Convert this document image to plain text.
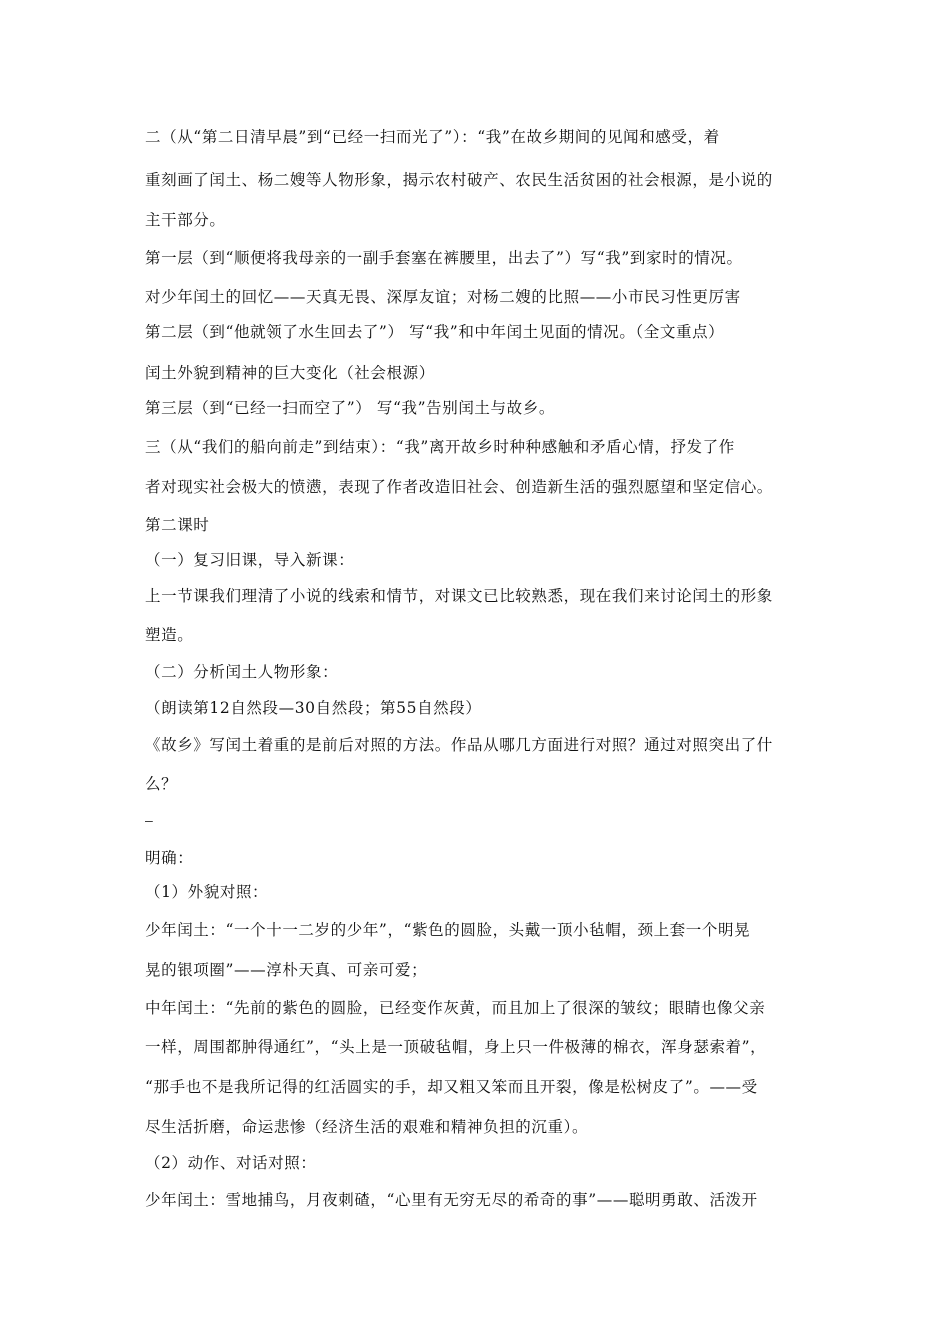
二（从“第二日清早晨”到“已经一扫而光了”）：“我”在故乡期间的见闻和感受，着
重刻画了闰土、杨二嫂等人物形象，揭示农村破产、农民生活贫困的社会根源，是小说的
主干部分。
第一层（到“顺便将我母亲的一副手套塞在裤腰里，出去了”）写“我”到家时的情况。
对少年闰土的回忆——天真无畏、深厚友谊；对杨二嫂的比照——小市民习性更厉害
第二层（到“他就领了水生回去了”） 写“我”和中年闰土见面的情况。（全文重点）
闰土外貌到精神的巨大变化（社会根源）
第三层（到“已经一扫而空了”） 写“我”告别闰土与故乡。
三（从“我们的船向前走”到结束）：“我”离开故乡时种种感触和矛盾心情，抒发了作
者对现实社会极大的愤懑，表现了作者改造旧社会、创造新生活的强烈愿望和坚定信心。
第二课时
（一）复习旧课，导入新课：
上一节课我们理清了小说的线索和情节，对课文已比较熟悉，现在我们来讨论闰土的形象
塑造。
（二）分析闰土人物形象：
（朗读第12自然段—30自然段；第55自然段）
《故乡》写闰土着重的是前后对照的方法。作品从哪几方面进行对照？通过对照突出了什
么？
–
明确：
（1）外貌对照：
少年闰土：“一个十一二岁的少年”，“紫色的圆脸，头戴一顶小毡帽，颈上套一个明晃
晃的银项圈”——淳朴天真、可亲可爱；
中年闰土：“先前的紫色的圆脸，已经变作灰黄，而且加上了很深的皱纹；眼睛也像父亲
一样，周围都肿得通红”，“头上是一顶破毡帽，身上只一件极薄的棉衣，浑身瑟索着”，
“那手也不是我所记得的红活圆实的手，却又粗又笨而且开裂，像是松树皮了”。——受
尽生活折磨，命运悲惨（经济生活的艰难和精神负担的沉重）。
（2）动作、对话对照：
少年闰土：雪地捕鸟，月夜刺碴，“心里有无穷无尽的希奇的事”——聪明勇敢、活泼开
